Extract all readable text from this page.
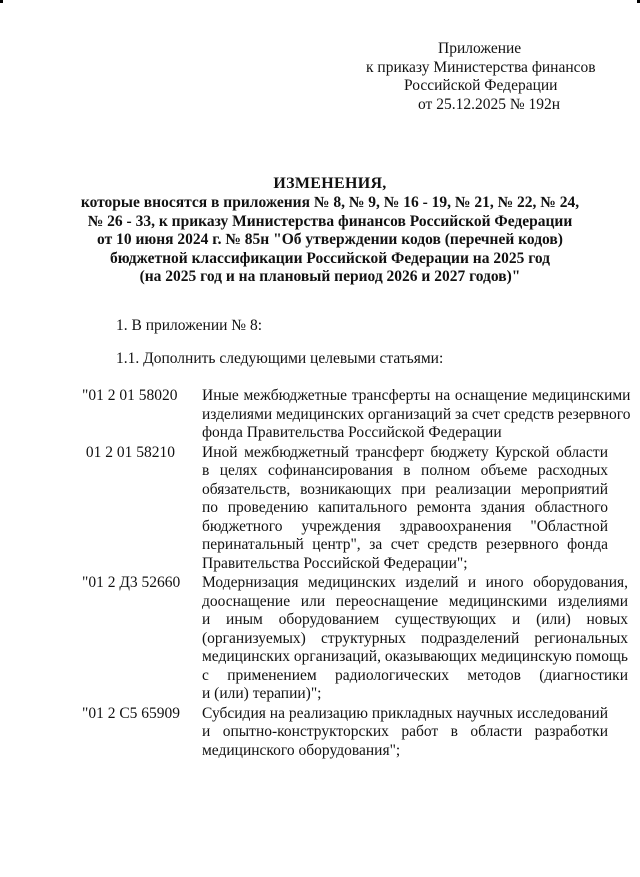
Приложение
к приказу Министерства финансов
Российской Федерации
от 25.12.2025 № 192н
ИЗМЕНЕНИЯ,
которые вносятся в приложения № 8, № 9, № 16 - 19, № 21, № 22, № 24,
№ 26 - 33, к приказу Министерства финансов Российской Федерации
от 10 июня 2024 г. № 85н "Об утверждении кодов (перечней кодов)
бюджетной классификации Российской Федерации на 2025 год
(на 2025 год и на плановый период 2026 и 2027 годов)"
1. В приложении № 8:
1.1. Дополнить следующими целевыми статьями:
"01 2 01 58020	Иные межбюджетные трансферты на оснащение медицинскими
изделиями медицинских организаций за счет средств резервного
фонда Правительства Российской Федерации
01 2 01 58210	Иной межбюджетный трансферт бюджету Курской области
в целях софинансирования в полном объеме расходных
обязательств, возникающих при реализации мероприятий
по проведению капитального ремонта здания областного
бюджетного учреждения здравоохранения "Областной
перинатальный центр", за счет средств резервного фонда
Правительства Российской Федерации";
"01 2 Д3 52660	Модернизация медицинских изделий и иного оборудования,
дооснащение или переоснащение медицинскими изделиями
и иным оборудованием существующих и (или) новых
(организуемых) структурных подразделений региональных
медицинских организаций, оказывающих медицинскую помощь
с применением радиологических методов (диагностики
и (или) терапии)";
"01 2 С5 65909	Субсидия на реализацию прикладных научных исследований
и опытно-конструкторских работ в области разработки
медицинского оборудования";
